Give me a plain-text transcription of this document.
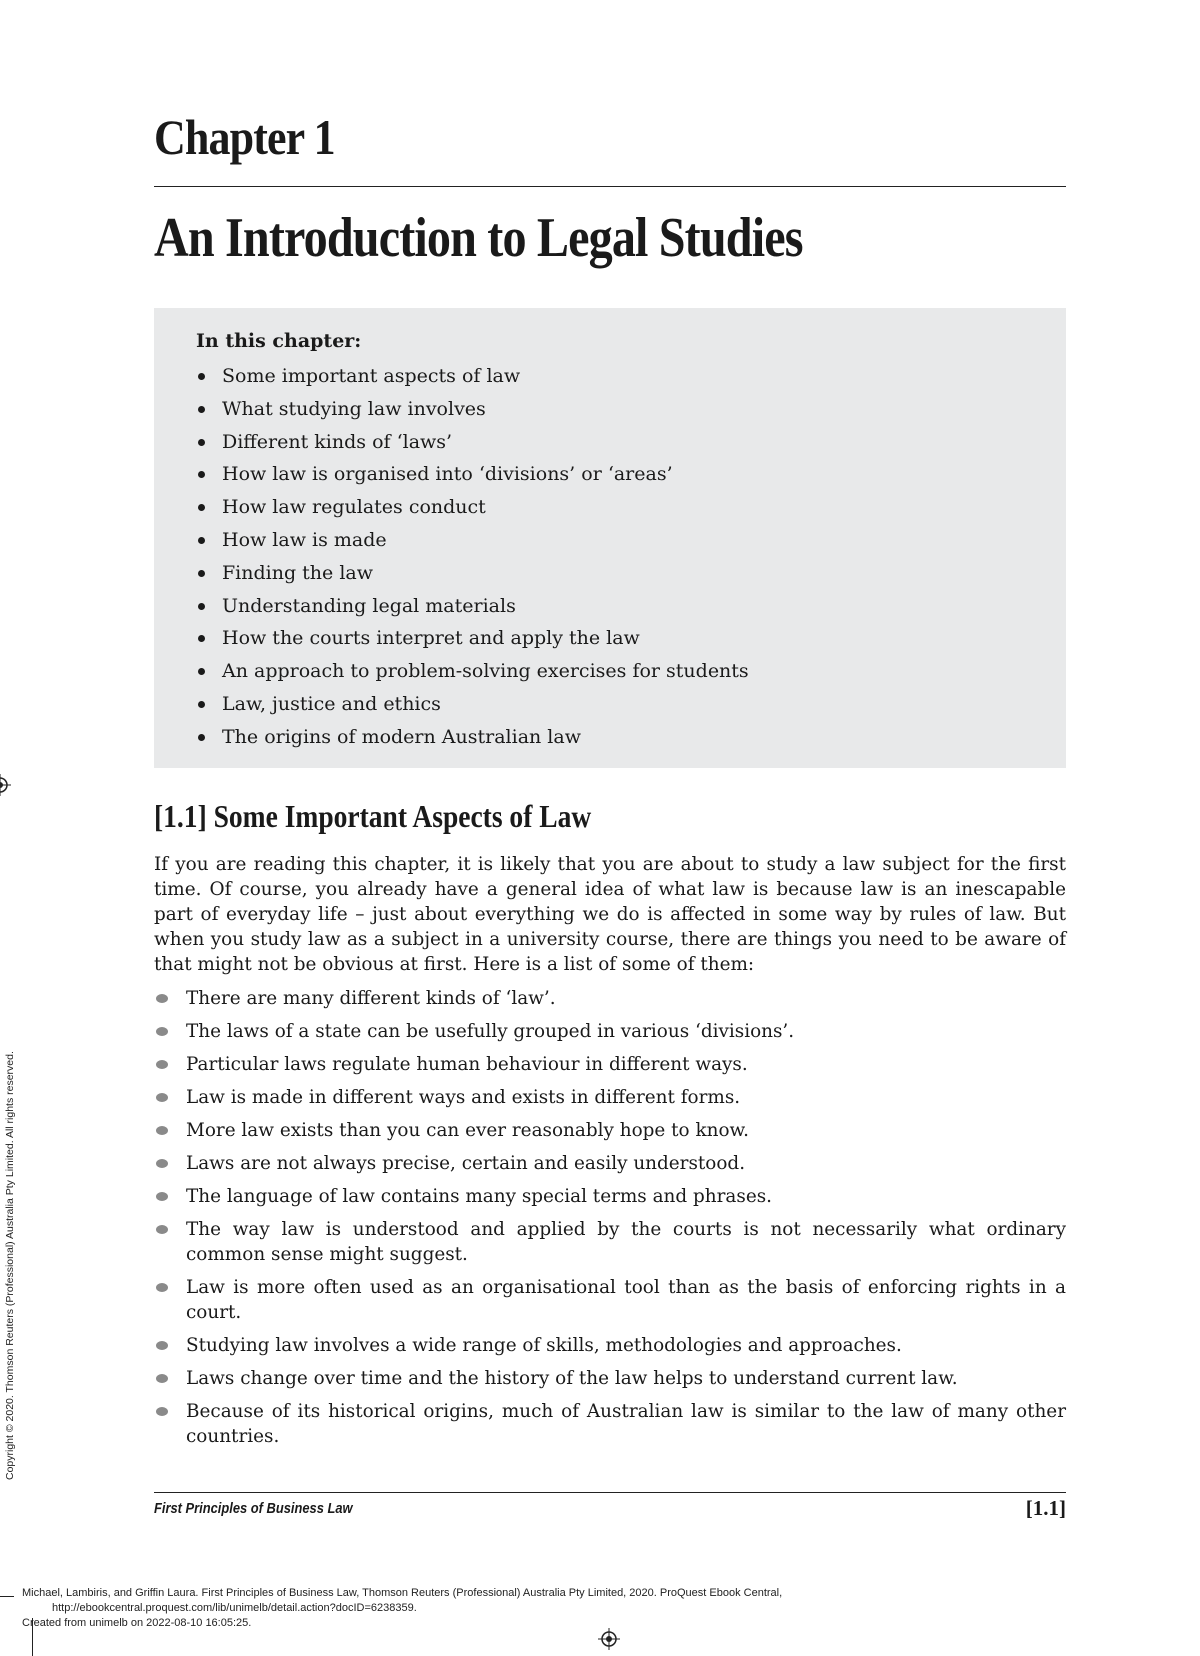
Chapter 1
An Introduction to Legal Studies
In this chapter:
Some important aspects of law
What studying law involves
Different kinds of ‘laws’
How law is organised into ‘divisions’ or ‘areas’
How law regulates conduct
How law is made
Finding the law
Understanding legal materials
How the courts interpret and apply the law
An approach to problem-solving exercises for students
Law, justice and ethics
The origins of modern Australian law
[1.1] Some Important Aspects of Law

If you are reading this chapter, it is likely that you are about to study a law subject for the first time. Of course, you already have a general idea of what law is because law is an inescapable part of everyday life – just about everything we do is affected in some way by rules of law. But when you study law as a subject in a university course, there are things you need to be aware of that might not be obvious at first. Here is a list of some of them:

There are many different kinds of ‘law’.
The laws of a state can be usefully grouped in various ‘divisions’.
Particular laws regulate human behaviour in different ways.
Law is made in different ways and exists in different forms.
More law exists than you can ever reasonably hope to know.
Laws are not always precise, certain and easily understood.
The language of law contains many special terms and phrases.
The way law is understood and applied by the courts is not necessarily what ordinary common sense might suggest.
Law is more often used as an organisational tool than as the basis of enforcing rights in a court.
Studying law involves a wide range of skills, methodologies and approaches.
Laws change over time and the history of the law helps to understand current law.
Because of its historical origins, much of Australian law is similar to the law of many other countries.
First Principles of Business Law	[1.1]
Copyright © 2020. Thomson Reuters (Professional) Australia Pty Limited. All rights reserved.
Michael, Lambiris, and Griffin Laura. First Principles of Business Law, Thomson Reuters (Professional) Australia Pty Limited, 2020. ProQuest Ebook Central,
http://ebookcentral.proquest.com/lib/unimelb/detail.action?docID=6238359.
Created from unimelb on 2022-08-10 16:05:25.
